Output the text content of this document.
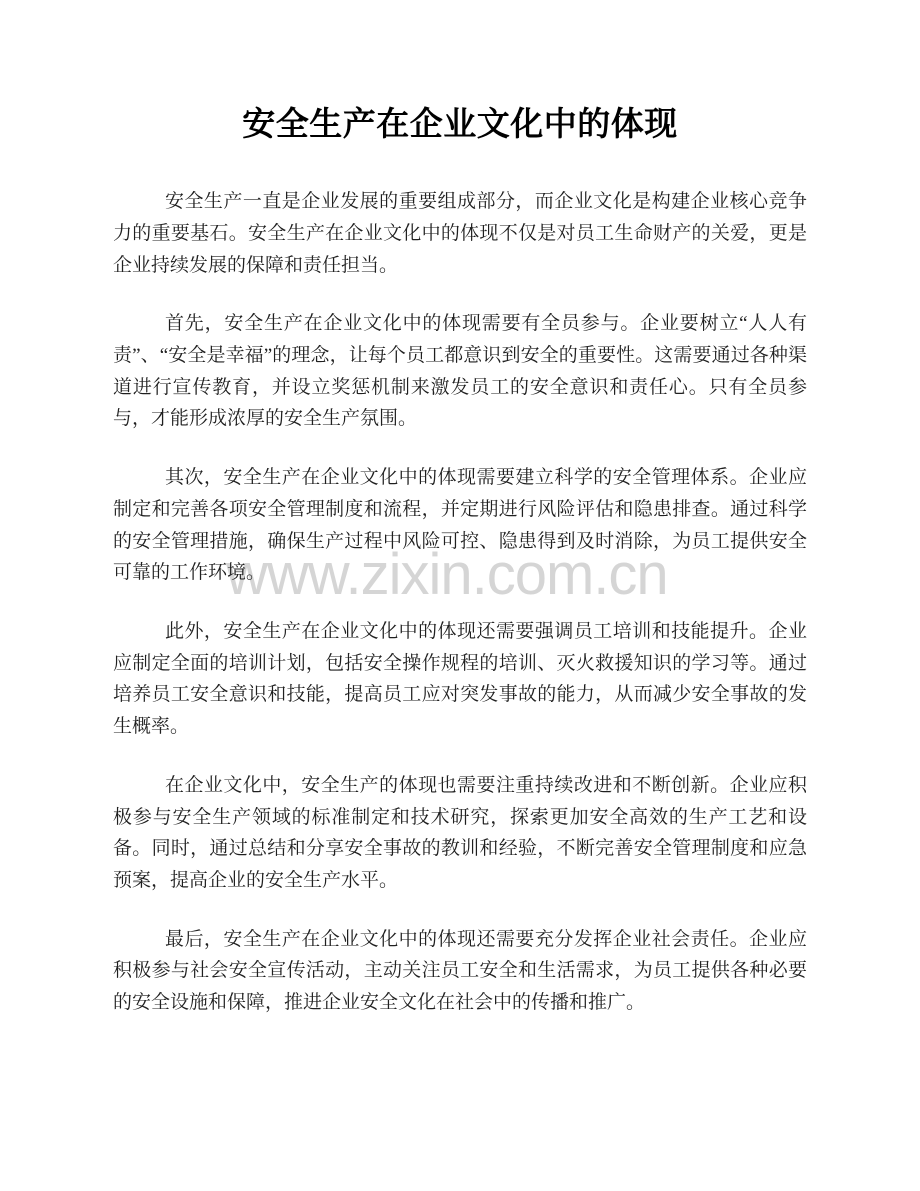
www.zixin.com.cn
安全生产在企业文化中的体现

安全生产一直是企业发展的重要组成部分，而企业文化是构建企业核心竞争力的重要基石。安全生产在企业文化中的体现不仅是对员工生命财产的关爱，更是企业持续发展的保障和责任担当。

首先，安全生产在企业文化中的体现需要有全员参与。企业要树立“人人有责”、“安全是幸福”的理念，让每个员工都意识到安全的重要性。这需要通过各种渠道进行宣传教育，并设立奖惩机制来激发员工的安全意识和责任心。只有全员参与，才能形成浓厚的安全生产氛围。

其次，安全生产在企业文化中的体现需要建立科学的安全管理体系。企业应制定和完善各项安全管理制度和流程，并定期进行风险评估和隐患排查。通过科学的安全管理措施，确保生产过程中风险可控、隐患得到及时消除，为员工提供安全可靠的工作环境。

此外，安全生产在企业文化中的体现还需要强调员工培训和技能提升。企业应制定全面的培训计划，包括安全操作规程的培训、灭火救援知识的学习等。通过培养员工安全意识和技能，提高员工应对突发事故的能力，从而减少安全事故的发生概率。

在企业文化中，安全生产的体现也需要注重持续改进和不断创新。企业应积极参与安全生产领域的标准制定和技术研究，探索更加安全高效的生产工艺和设备。同时，通过总结和分享安全事故的教训和经验，不断完善安全管理制度和应急预案，提高企业的安全生产水平。

最后，安全生产在企业文化中的体现还需要充分发挥企业社会责任。企业应积极参与社会安全宣传活动，主动关注员工安全和生活需求，为员工提供各种必要的安全设施和保障，推进企业安全文化在社会中的传播和推广。
